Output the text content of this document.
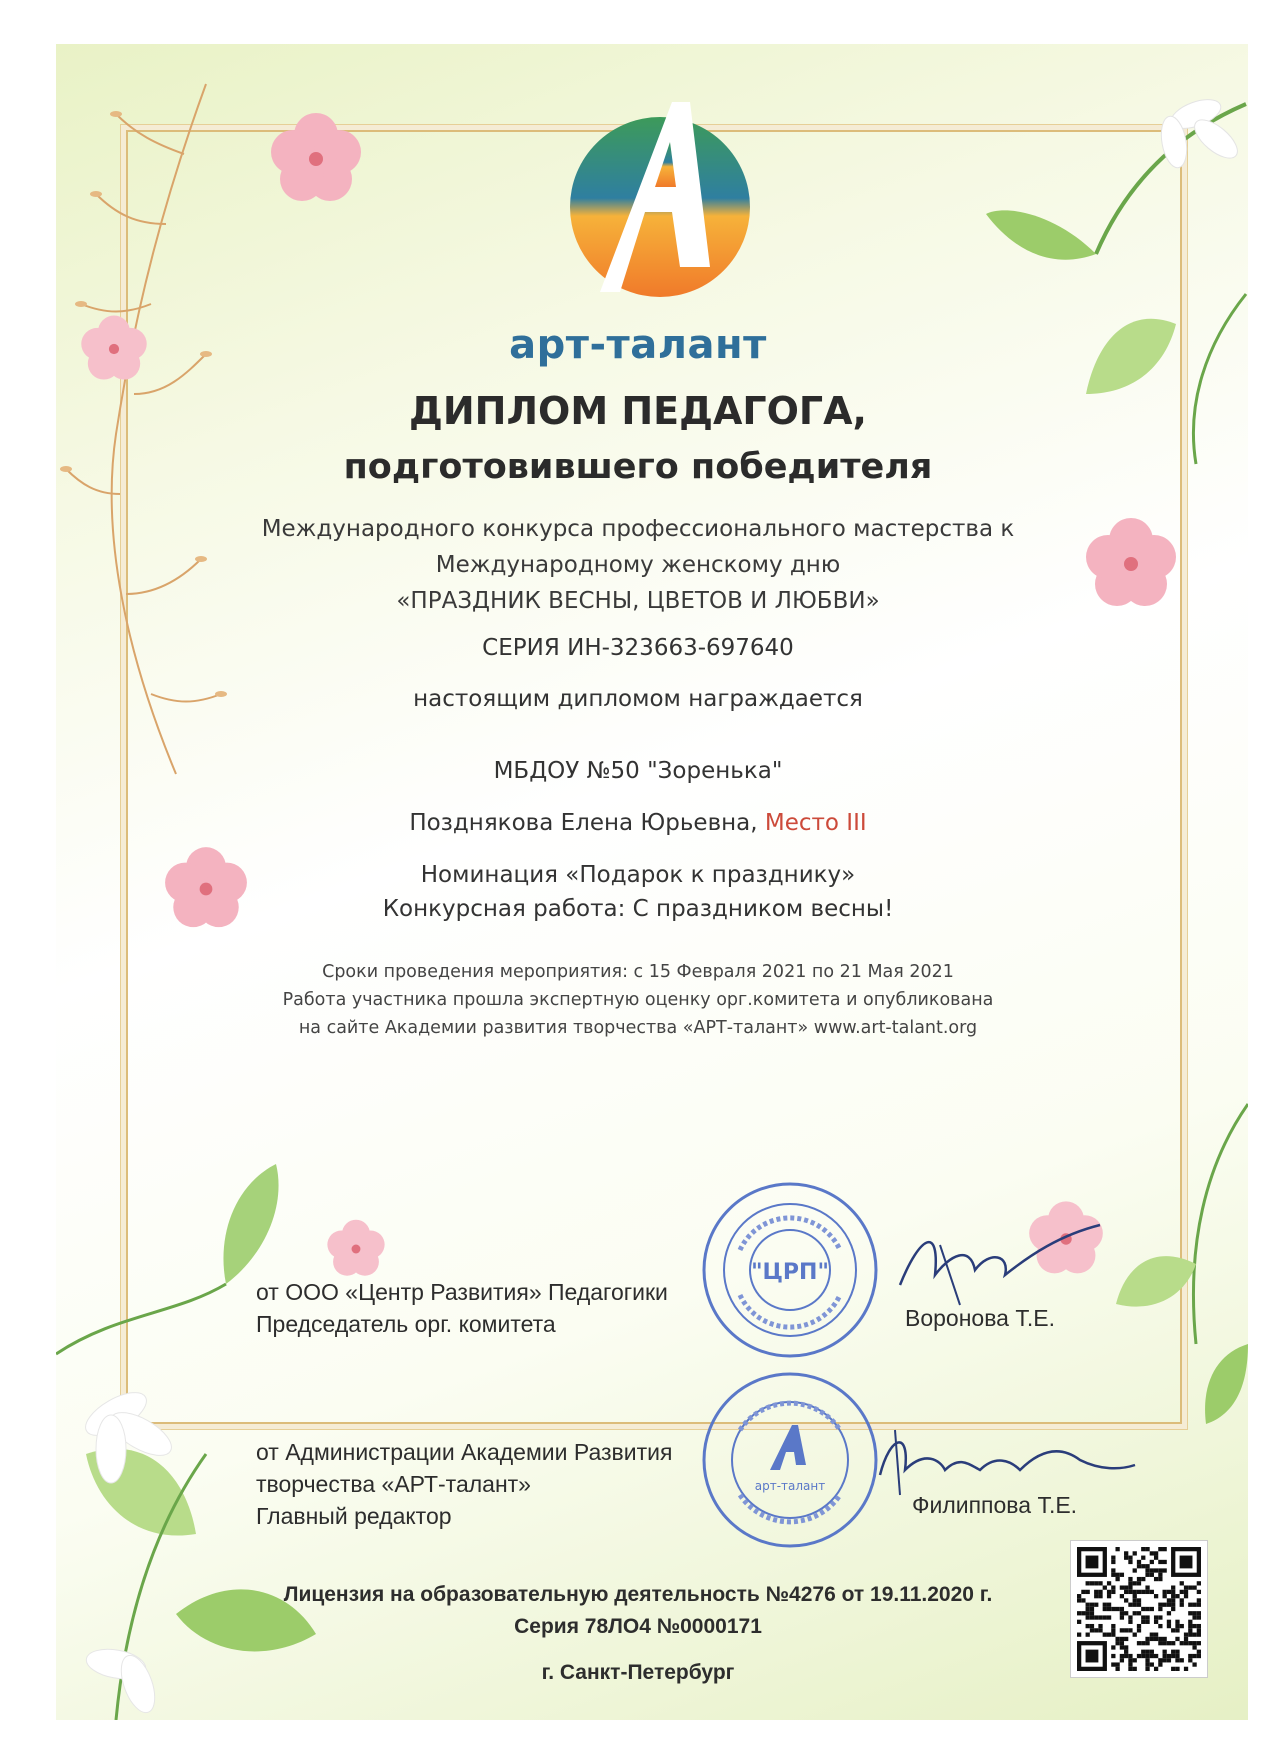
арт-талант
ДИПЛОМ ПЕДАГОГА,
подготовившего победителя
Международного конкурса профессионального мастерства к
Международному женскому дню
«ПРАЗДНИК ВЕСНЫ, ЦВЕТОВ И ЛЮБВИ»
СЕРИЯ ИН-323663-697640
настоящим дипломом награждается
МБДОУ №50 "Зоренька"
Позднякова Елена Юрьевна, Место III
Номинация «Подарок к празднику»
Конкурсная работа: С праздником весны!
Сроки проведения мероприятия: с 15 Февраля 2021 по 21 Мая 2021
Работа участника прошла экспертную оценку орг.комитета и опубликована
на сайте Академии развития творчества «АРТ-талант» www.art-talant.org
от ООО «Центр Развития» Педагогики
Председатель орг. комитета
"ЦРП"
Воронова Т.Е.
от Администрации Академии Развития
творчества «АРТ-талант»
Главный редактор
арт-талант
Филиппова Т.Е.
Лицензия на образовательную деятельность №4276 от 19.11.2020 г.
Серия 78ЛО4 №0000171
г. Санкт-Петербург
